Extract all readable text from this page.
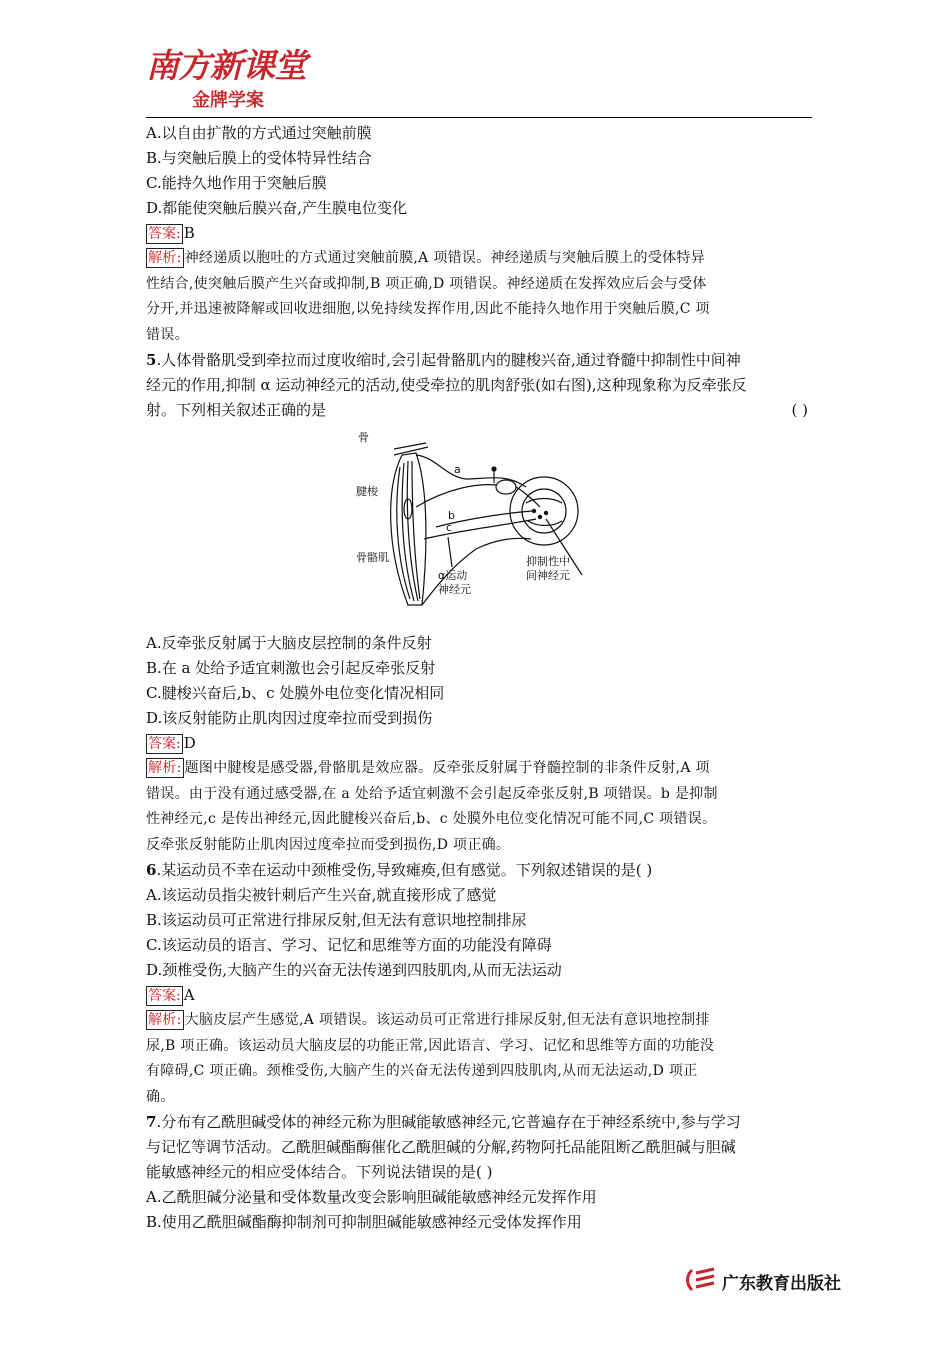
南方新课堂
金牌学案
A.以自由扩散的方式通过突触前膜
B.与突触后膜上的受体特异性结合
C.能持久地作用于突触后膜
D.都能使突触后膜兴奋,产生膜电位变化
答案: B
解析: 神经递质以胞吐的方式通过突触前膜,A 项错误。神经递质与突触后膜上的受体特异
性结合,使突触后膜产生兴奋或抑制,B 项正确,D 项错误。神经递质在发挥效应后会与受体
分开,并迅速被降解或回收进细胞,以免持续发挥作用,因此不能持久地作用于突触后膜,C 项
错误。
5.人体骨骼肌受到牵拉而过度收缩时,会引起骨骼肌内的腱梭兴奋,通过脊髓中抑制性中间神
经元的作用,抑制 α 运动神经元的活动,使受牵拉的肌肉舒张(如右图),这种现象称为反牵张反
射。下列相关叙述正确的是	( )
骨
腱梭
骨骼肌
a
b
c
α运动
神经元
抑制性中
间神经元
A.反牵张反射属于大脑皮层控制的条件反射
B.在 a 处给予适宜刺激也会引起反牵张反射
C.腱梭兴奋后,b、c 处膜外电位变化情况相同
D.该反射能防止肌肉因过度牵拉而受到损伤
答案: D
解析: 题图中腱梭是感受器,骨骼肌是效应器。反牵张反射属于脊髓控制的非条件反射,A 项
错误。由于没有通过感受器,在 a 处给予适宜刺激不会引起反牵张反射,B 项错误。b 是抑制
性神经元,c 是传出神经元,因此腱梭兴奋后,b、c 处膜外电位变化情况可能不同,C 项错误。
反牵张反射能防止肌肉因过度牵拉而受到损伤,D 项正确。
6.某运动员不幸在运动中颈椎受伤,导致瘫痪,但有感觉。下列叙述错误的是( )
A.该运动员指尖被针刺后产生兴奋,就直接形成了感觉
B.该运动员可正常进行排尿反射,但无法有意识地控制排尿
C.该运动员的语言、学习、记忆和思维等方面的功能没有障碍
D.颈椎受伤,大脑产生的兴奋无法传递到四肢肌肉,从而无法运动
答案: A
解析: 大脑皮层产生感觉,A 项错误。该运动员可正常进行排尿反射,但无法有意识地控制排
尿,B 项正确。该运动员大脑皮层的功能正常,因此语言、学习、记忆和思维等方面的功能没
有障碍,C 项正确。颈椎受伤,大脑产生的兴奋无法传递到四肢肌肉,从而无法运动,D 项正
确。
7.分布有乙酰胆碱受体的神经元称为胆碱能敏感神经元,它普遍存在于神经系统中,参与学习
与记忆等调节活动。乙酰胆碱酯酶催化乙酰胆碱的分解,药物阿托品能阻断乙酰胆碱与胆碱
能敏感神经元的相应受体结合。下列说法错误的是( )
A.乙酰胆碱分泌量和受体数量改变会影响胆碱能敏感神经元发挥作用
B.使用乙酰胆碱酯酶抑制剂可抑制胆碱能敏感神经元受体发挥作用
广东教育出版社
